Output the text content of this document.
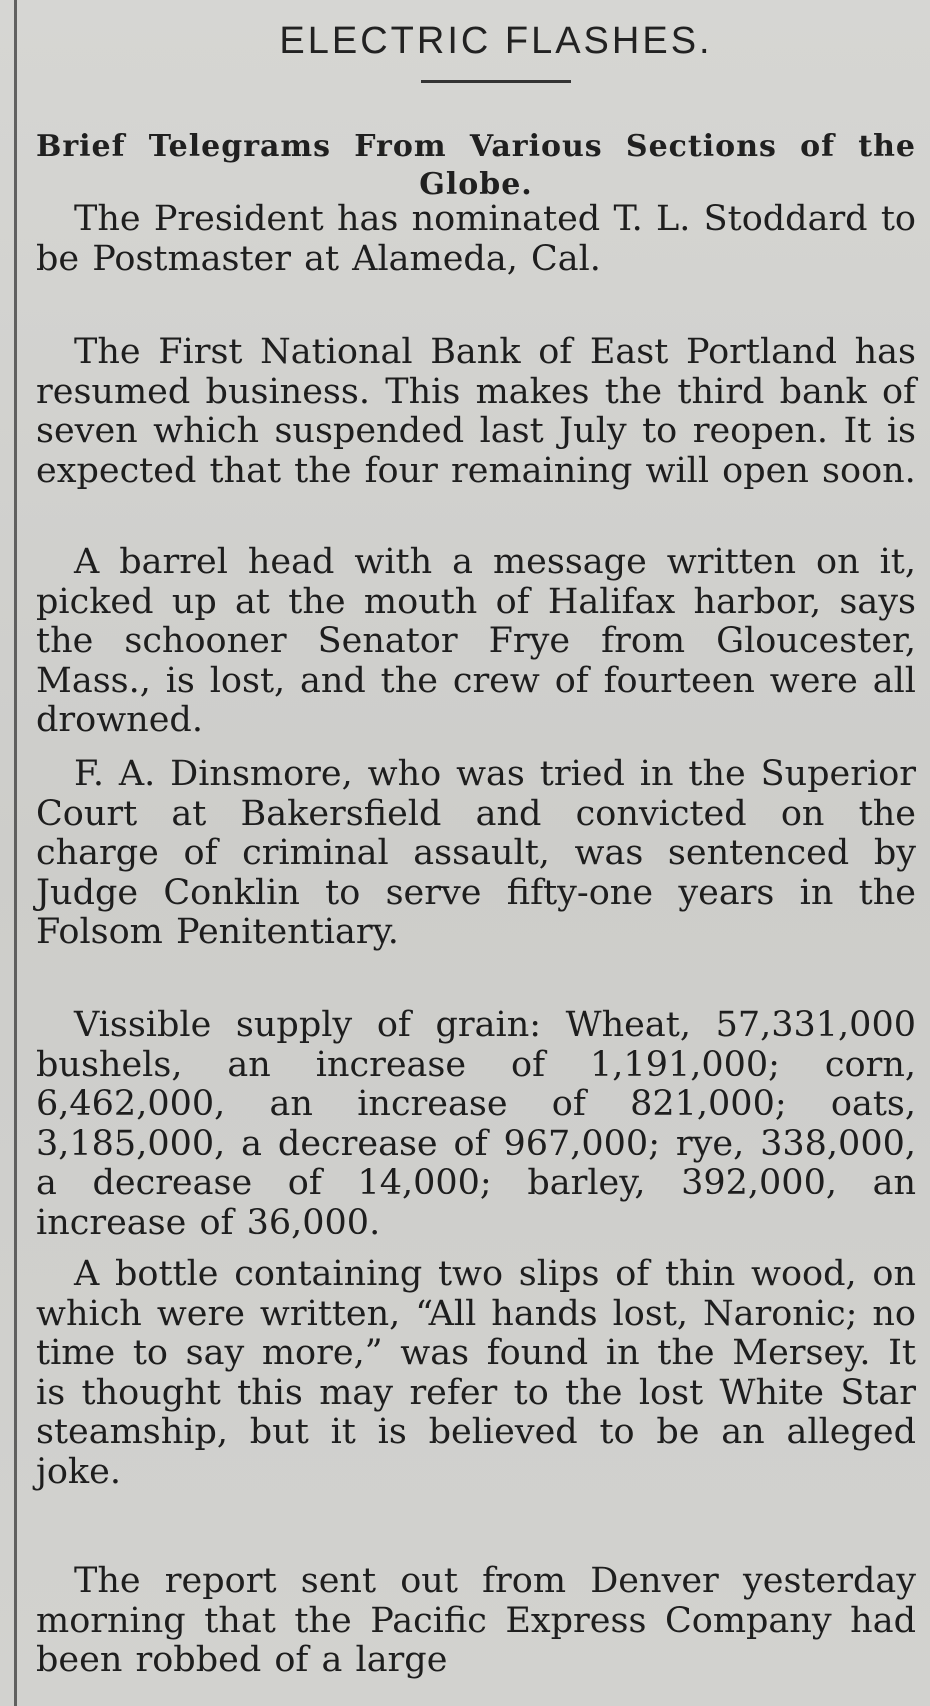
ELECTRIC FLASHES.

Brief Telegrams From Various Sections of the Globe.

The President has nominated T. L. Stoddard to be Postmaster at Alameda, Cal.

The First National Bank of East Portland has resumed business. This makes the third bank of seven which suspended last July to reopen. It is expected that the four remaining will open soon.

A barrel head with a message written on it, picked up at the mouth of Halifax harbor, says the schooner Senator Frye from Gloucester, Mass., is lost, and the crew of fourteen were all drowned.

F. A. Dinsmore, who was tried in the Superior Court at Bakersfield and convicted on the charge of criminal assault, was sentenced by Judge Conklin to serve fifty-one years in the Folsom Penitentiary.

Vissible supply of grain: Wheat, 57,331,000 bushels, an increase of 1,191,000; corn, 6,462,000, an increase of 821,000; oats, 3,185,000, a decrease of 967,000; rye, 338,000, a decrease of 14,000; barley, 392,000, an increase of 36,000.

A bottle containing two slips of thin wood, on which were written, “All hands lost, Naronic; no time to say more,” was found in the Mersey. It is thought this may refer to the lost White Star steamship, but it is believed to be an alleged joke.

The report sent out from Denver yesterday morning that the Pacific Express Company had been robbed of a large
